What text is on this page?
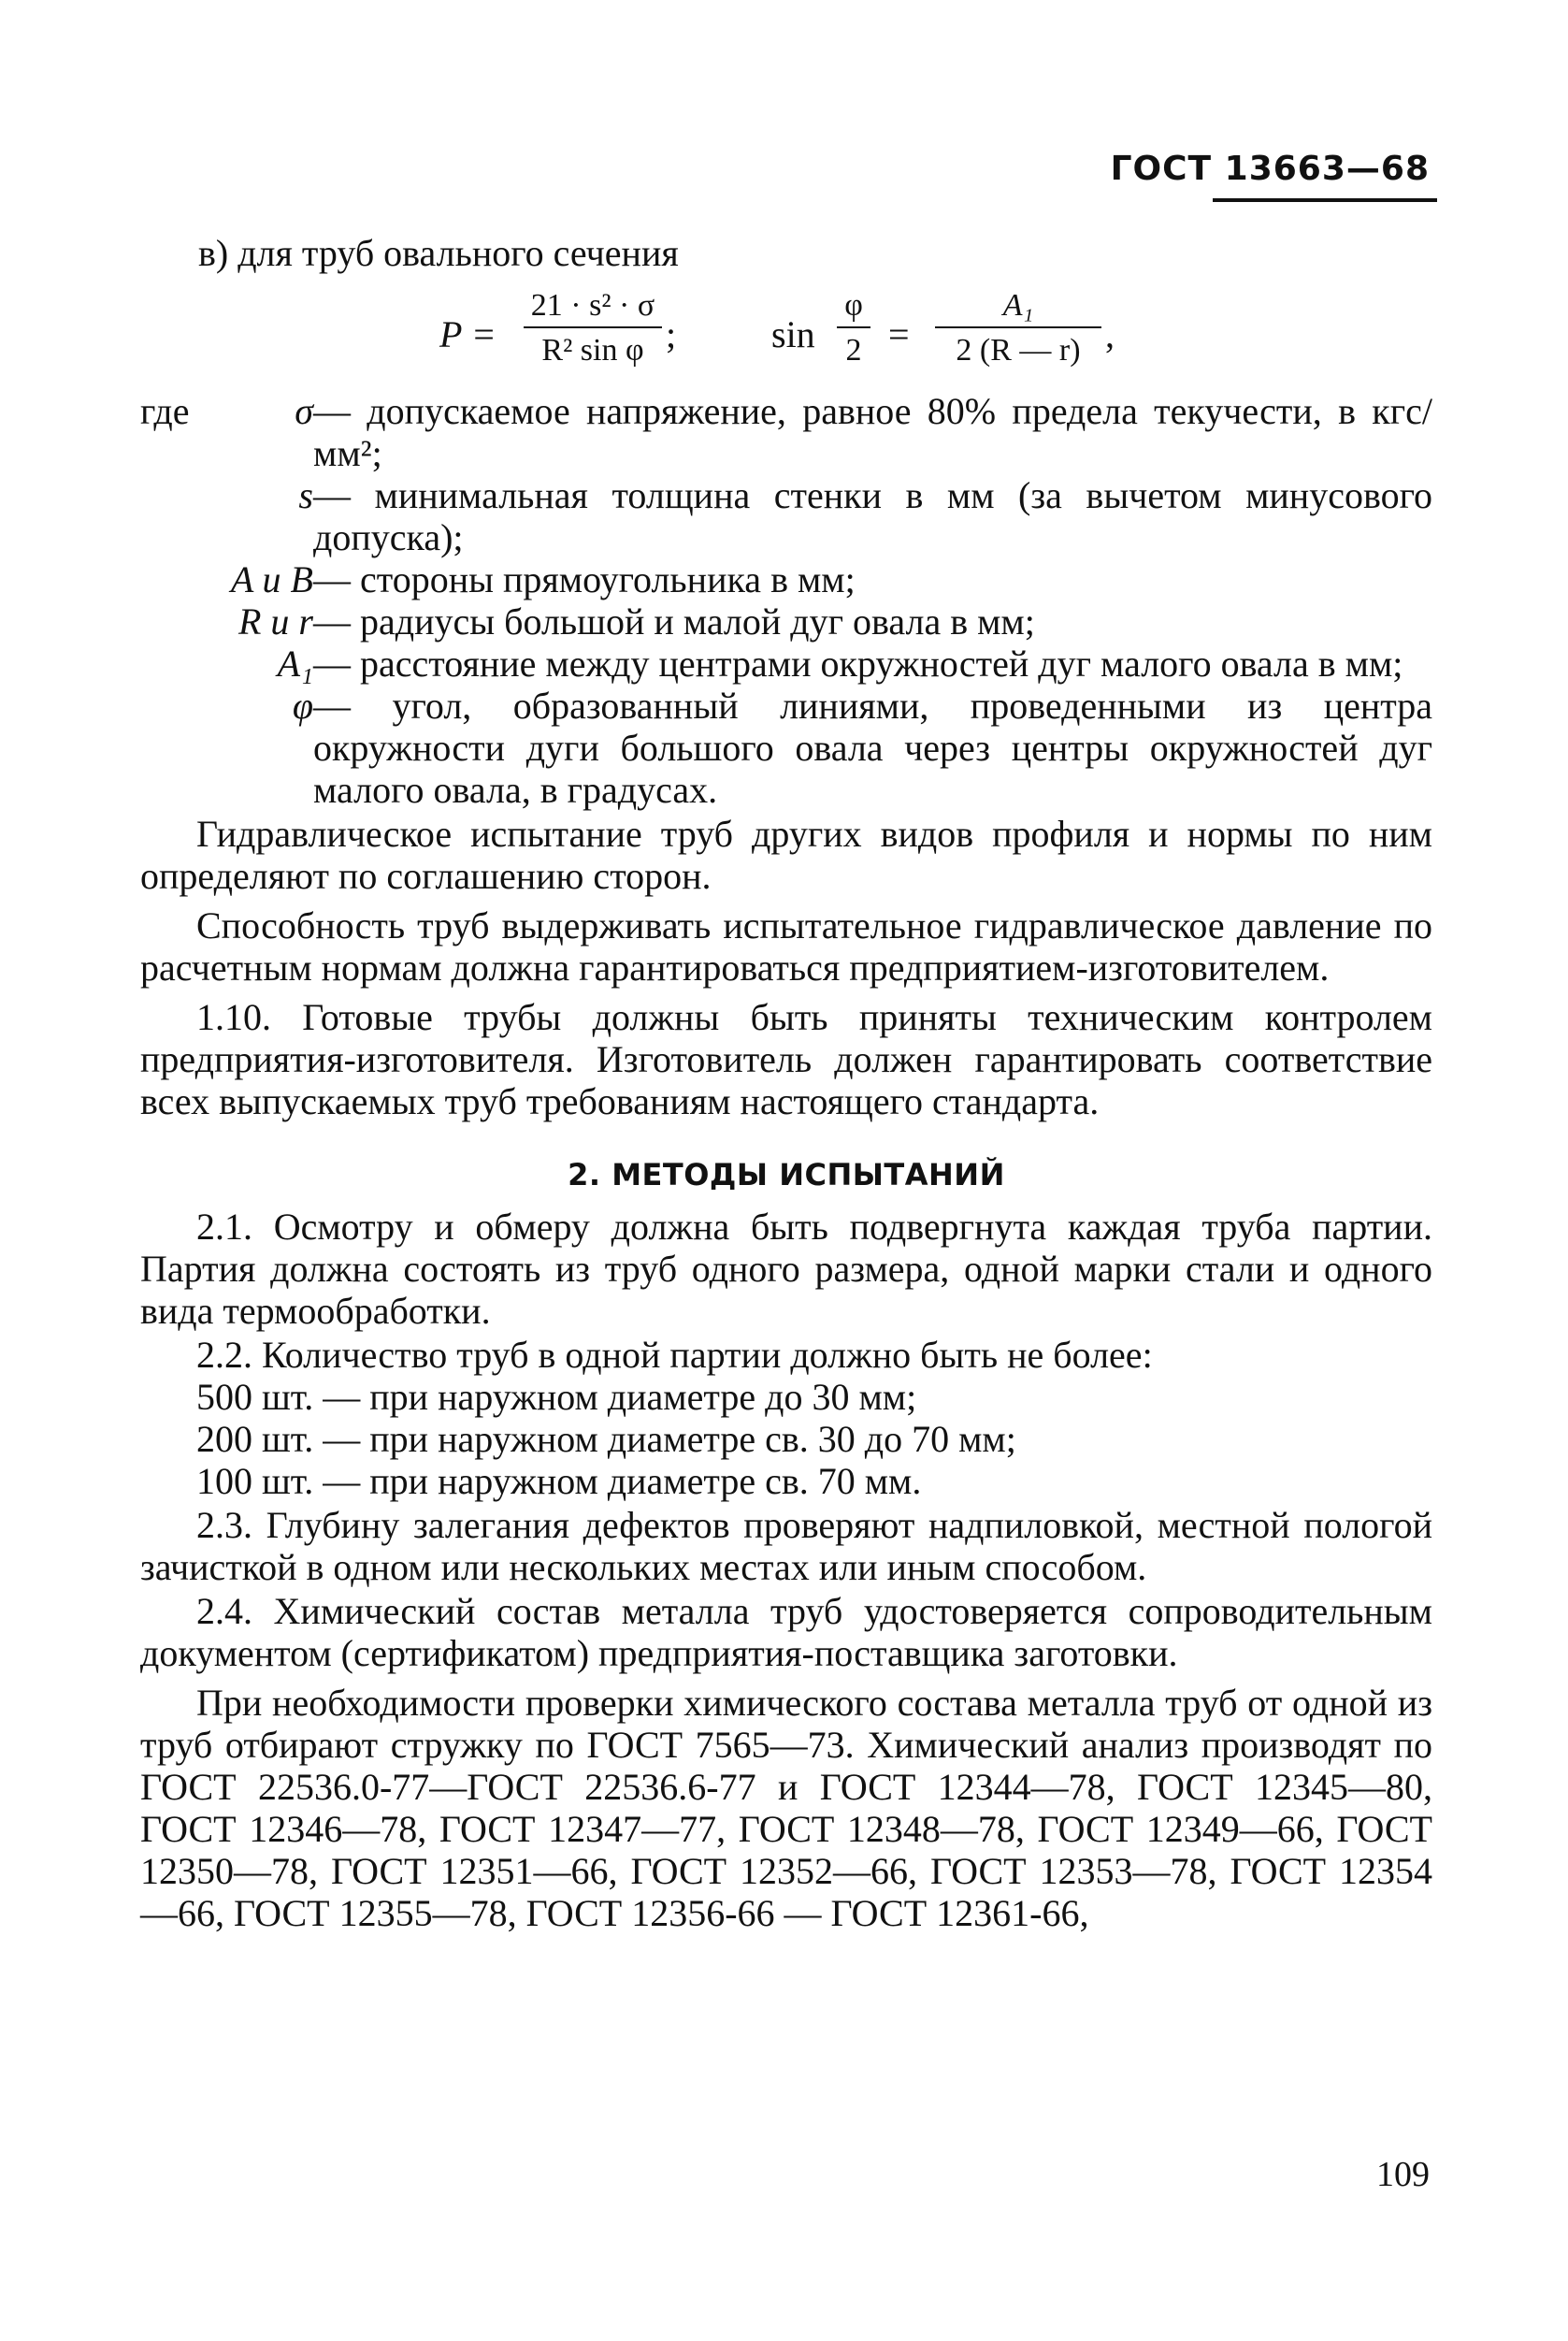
ГОСТ 13663—68
в) для труб овального сечения
P =
21 · s² · σ
R² sin φ ;	sin
φ
2 =
A₁
2 (R — r) ,
где	σ — допускаемое напряжение, равное 80% предела текучести, в кгс/мм²;
s — минимальная толщина стенки в мм (за вычетом минусового допуска);
A и B — стороны прямоугольника в мм;
R и r — радиусы большой и малой дуг овала в мм;
A₁ — расстояние между центрами окружностей дуг малого овала в мм;
φ — угол, образованный линиями, проведенными из центра окружности дуги большого овала через центры окружностей дуг малого овала, в градусах.

Гидравлическое испытание труб других видов профиля и нормы по ним определяют по соглашению сторон.

Способность труб выдерживать испытательное гидравлическое давление по расчетным нормам должна гарантироваться предприятием-изготовителем.

1.10. Готовые трубы должны быть приняты техническим контролем предприятия-изготовителя. Изготовитель должен гарантировать соответствие всех выпускаемых труб требованиям настоящего стандарта.

2. МЕТОДЫ ИСПЫТАНИЙ

2.1. Осмотру и обмеру должна быть подвергнута каждая труба партии. Партия должна состоять из труб одного размера, одной марки стали и одного вида термообработки.

2.2. Количество труб в одной партии должно быть не более:

500 шт. — при наружном диаметре до 30 мм;
200 шт. — при наружном диаметре св. 30 до 70 мм;
100 шт. — при наружном диаметре св. 70 мм.

2.3. Глубину залегания дефектов проверяют надпиловкой, местной пологой зачисткой в одном или нескольких местах или иным способом.

2.4. Химический состав металла труб удостоверяется сопроводительным документом (сертификатом) предприятия-поставщика заготовки.

При необходимости проверки химического состава металла труб от одной из труб отбирают стружку по ГОСТ 7565—73. Химический анализ производят по ГОСТ 22536.0-77—ГОСТ 22536.6-77 и ГОСТ 12344—78, ГОСТ 12345—80, ГОСТ 12346—78, ГОСТ 12347—77, ГОСТ 12348—78, ГОСТ 12349—66, ГОСТ 12350—78, ГОСТ 12351—66, ГОСТ 12352—66, ГОСТ 12353—78, ГОСТ 12354—66, ГОСТ 12355—78, ГОСТ 12356-66 — ГОСТ 12361-66,

109
